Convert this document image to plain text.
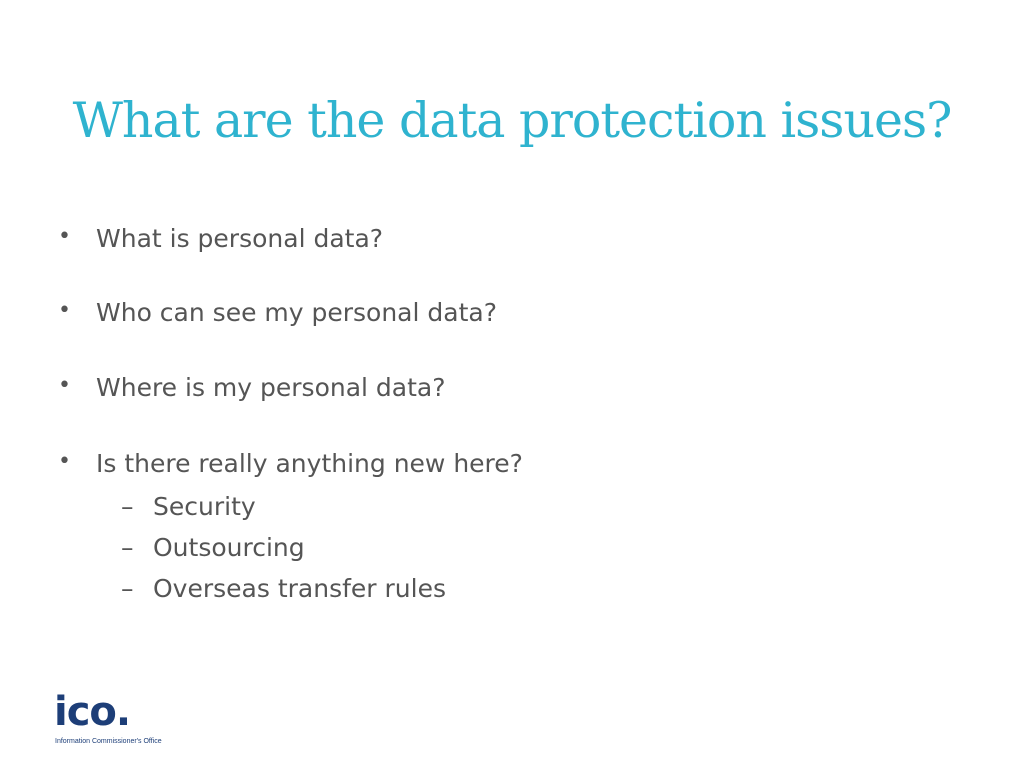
What are the data protection issues?
• What is personal data?
• Who can see my personal data?
• Where is my personal data?
• Is there really anything new here?
– Security
– Outsourcing
– Overseas transfer rules
ico.
Information Commissioner's Office
